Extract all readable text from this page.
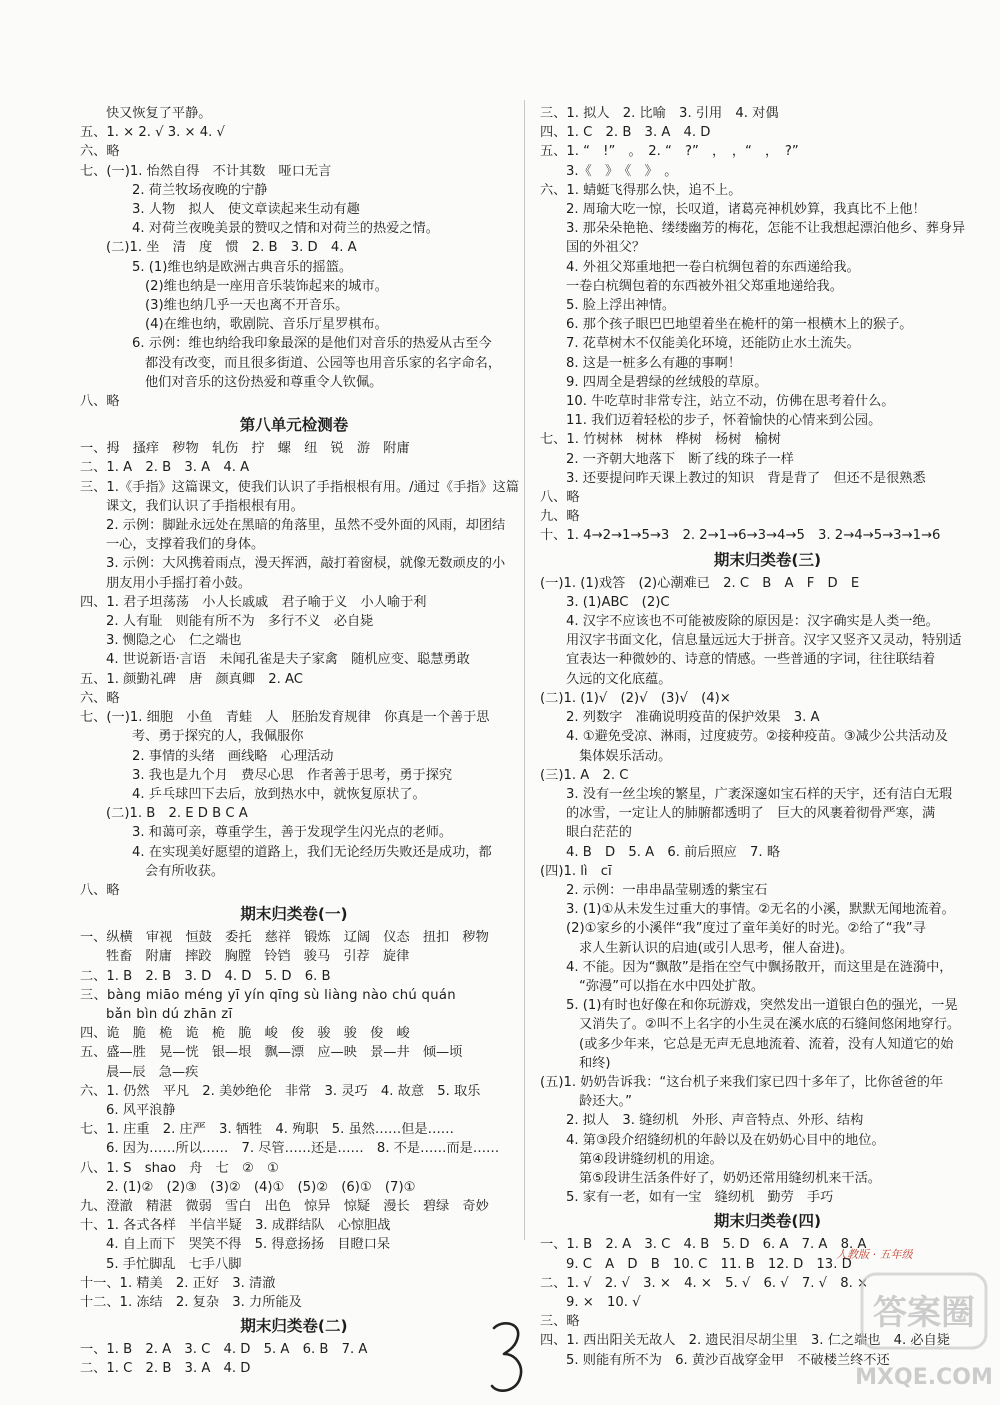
快又恢复了平静。
五、1. × 2. √ 3. × 4. √
六、略
七、(一)1. 怡然自得　不计其数　哑口无言
2. 荷兰牧场夜晚的宁静
3. 人物　拟人　使文章读起来生动有趣
4. 对荷兰夜晚美景的赞叹之情和对荷兰的热爱之情。
(二)1. 坐　清　度　惯　2. B　3. D　4. A
5. (1)维也纳是欧洲古典音乐的摇篮。
(2)维也纳是一座用音乐装饰起来的城市。
(3)维也纳几乎一天也离不开音乐。
(4)在维也纳，歌剧院、音乐厅星罗棋布。
6. 示例：维也纳给我印象最深的是他们对音乐的热爱从古至今
都没有改变，而且很多街道、公园等也用音乐家的名字命名，
他们对音乐的这份热爱和尊重令人钦佩。
八、略
第八单元检测卷
一、拇　搔痒　秽物　轧伤　拧　螺　纽　锐　游　附庸
二、1. A　2. B　3. A　4. A
三、1.《手指》这篇课文，使我们认识了手指根根有用。/通过《手指》这篇
课文，我们认识了手指根根有用。
2. 示例：脚趾永远处在黑暗的角落里，虽然不受外面的风雨，却团结
一心，支撑着我们的身体。
3. 示例：大风携着雨点，漫天挥洒，敲打着窗棂，就像无数顽皮的小
朋友用小手摇打着小鼓。
四、1. 君子坦荡荡　小人长戚戚　君子喻于义　小人喻于利
2. 人有耻　则能有所不为　多行不义　必自毙
3. 恻隐之心　仁之端也
4. 世说新语·言语　未闻孔雀是夫子家禽　随机应变、聪慧勇敢
五、1. 颜勤礼碑　唐　颜真卿　2. AC
六、略
七、(一)1. 细胞　小鱼　青蛙　人　胚胎发育规律　你真是一个善于思
考、勇于探究的人，我佩服你
2. 事情的头绪　画线略　心理活动
3. 我也是九个月　费尽心思　作者善于思考，勇于探究
4. 乒乓球凹下去后，放到热水中，就恢复原状了。
(二)1. B　2. E D B C A
3. 和蔼可亲，尊重学生，善于发现学生闪光点的老师。
4. 在实现美好愿望的道路上，我们无论经历失败还是成功，都
会有所收获。
八、略
期末归类卷(一)
一、纵横　审视　恒鼓　委托　慈祥　锻炼　辽阔　仪态　扭扣　秽物
牲畜　附庸　摔跤　胸膛　铃铛　骏马　引荐　旋律
二、1. B　2. B　3. D　4. D　5. D　6. B
三、bàng miāo méng yī yín qīng sù liàng nào chú quán
bǎn bìn dú zhān zī
四、诡　脆　桅　诡　桅　脆　峻　俊　骏　骏　俊　峻
五、盛—胜　晃—恍　银—垠　飘—漂　应—映　景—井　倾—顷
晨—辰　急—疾
六、1. 仍然　平凡　2. 美妙绝伦　非常　3. 灵巧　4. 故意　5. 取乐
6. 风平浪静
七、1. 庄重　2. 庄严　3. 牺牲　4. 殉职　5. 虽然……但是……
6. 因为……所以……　7. 尽管……还是……　8. 不是……而是……
八、1. S　shao　舟　七　②　①
2. (1)②　(2)③　(3)②　(4)①　(5)②　(6)①　(7)①
九、澄澈　精湛　微弱　雪白　出色　惊异　惊疑　漫长　碧绿　奇妙
十、1. 各式各样　半信半疑　3. 成群结队　心惊胆战
4. 自上而下　哭笑不得　5. 得意扬扬　目瞪口呆
5. 手忙脚乱　七手八脚
十一、1. 精美　2. 正好　3. 清澈
十二、1. 冻结　2. 复杂　3. 力所能及
期末归类卷(二)
一、1. B　2. A　3. C　4. D　5. A　6. B　7. A
二、1. C　2. B　3. A　4. D
三、1. 拟人　2. 比喻　3. 引用　4. 对偶
四、1. C　2. B　3. A　4. D
五、1. “　!”　。　2. “　?”　，　，“　，　?”
3.《　》　《　》　。
六、1. 蜻蜓飞得那么快，追不上。
2. 周瑜大吃一惊，长叹道，诸葛亮神机妙算，我真比不上他！
3. 那朵朵艳艳、缕缕幽芳的梅花，怎能不让我想起漂泊他乡、葬身异
国的外祖父？
4. 外祖父郑重地把一卷白杭绸包着的东西递给我。
一卷白杭绸包着的东西被外祖父郑重地递给我。
5. 脸上浮出神情。
6. 那个孩子眼巴巴地望着坐在桅杆的第一根横木上的猴子。
7. 花草树木不仅能美化环境，还能防止水土流失。
8. 这是一桩多么有趣的事啊！
9. 四周全是碧绿的丝绒般的草原。
10. 牛吃草时非常专注，站立不动，仿佛在思考着什么。
11. 我们迈着轻松的步子，怀着愉快的心情来到公园。
七、1. 竹树林　树林　桦树　杨树　榆树
2. 一齐朝大地落下　断了线的珠子一样
3. 还要提问昨天课上教过的知识　背是背了　但还不是很熟悉
八、略
九、略
十、1. 4→2→1→5→3　2. 2→1→6→3→4→5　3. 2→4→5→3→1→6
期末归类卷(三)
(一)1. (1)戏答　(2)心潮难已　2. C　B　A　F　D　E
3. (1)ABC　(2)C
4. 汉字不应该也不可能被废除的原因是：汉字确实是人类一绝。
用汉字书面文化，信息量远远大于拼音。汉字又竖齐又灵动，特别适
宜表达一种微妙的、诗意的情感。一些普通的字词，往往联结着
久远的文化底蕴。
(二)1. (1)√　(2)√　(3)√　(4)×
2. 列数字　准确说明疫苗的保护效果　3. A
4. ①避免受凉、淋雨，过度疲劳。②接种疫苗。③减少公共活动及
集体娱乐活动。
(三)1. A　2. C
3. 没有一丝尘埃的繁星，广袤深邃如宝石样的天宇，还有洁白无瑕
的冰雪，一定让人的肺腑都透明了　巨大的风裹着彻骨严寒，满
眼白茫茫的
4. B　D　5. A　6. 前后照应　7. 略
(四)1. lì　cī
2. 示例：一串串晶莹剔透的紫宝石
3. (1)①从未发生过重大的事情。②无名的小溪，默默无闻地流着。
(2)①家乡的小溪伴“我”度过了童年美好的时光。②给了“我”寻
求人生新认识的启迪(或引人思考，催人奋进)。
4. 不能。因为“飘散”是指在空气中飘扬散开，而这里是在涟漪中，
“弥漫”可以指在水中四处扩散。
5. (1)有时也好像在和你玩游戏，突然发出一道银白色的强光，一晃
又消失了。②叫不上名字的小生灵在溪水底的石缝间悠闲地穿行。
(或多少年来，它总是无声无息地流着、流着，没有人知道它的始
和终)
(五)1. 奶奶告诉我：“这台机子来我们家已四十多年了，比你爸爸的年
龄还大。”
2. 拟人　3. 缝纫机　外形、声音特点、外形、结构
4. 第③段介绍缝纫机的年龄以及在奶奶心目中的地位。
第④段讲缝纫机的用途。
第⑤段讲生活条件好了，奶奶还常用缝纫机来干活。
5. 家有一老，如有一宝　缝纫机　勤劳　手巧
期末归类卷(四)
一、1. B　2. A　3. C　4. B　5. D　6. A　7. A　8. A
9. C　A　D　B　10. C　11. B　12. D　13. D
二、1. √　2. √　3. ×　4. ×　5. √　6. √　7. √　8. ×
9. ×　10. √
三、略
四、1. 西出阳关无故人　2. 遗民泪尽胡尘里　3. 仁之端也　4. 必自毙
5. 则能有所不为　6. 黄沙百战穿金甲　不破楼兰终不还
人教版 · 五年级
答案圈
MXQE.COM
